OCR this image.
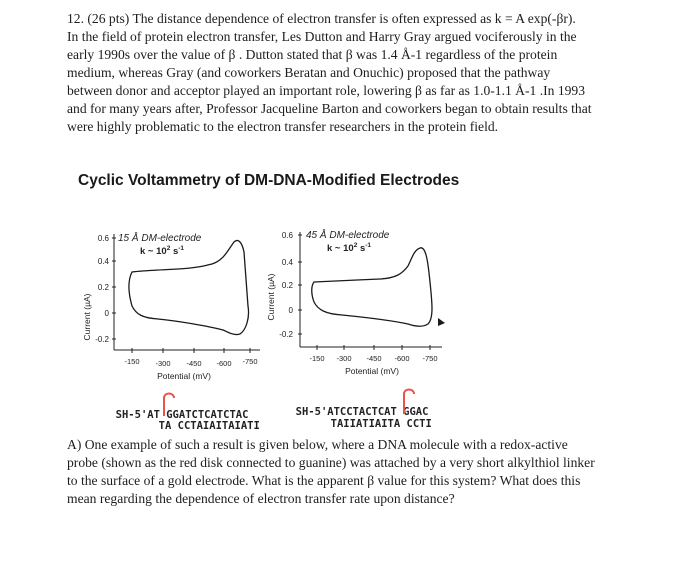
12. (26 pts) The distance dependence of electron transfer is often expressed as k = A exp(-βr).
In the field of protein electron transfer, Les Dutton and Harry Gray argued vociferously in the
early 1990s over the value of β . Dutton stated that β was 1.4 Å-1 regardless of the protein
medium, whereas Gray (and coworkers Beratan and Onuchic) proposed that the pathway
between donor and acceptor played an important role, lowering β as far as 1.0-1.1 Å-1 .In 1993
and for many years after, Professor Jacqueline Barton and coworkers began to obtain results that
were highly problematic to the electron transfer researchers in the protein field.
Cyclic Voltammetry of DM-DNA-Modified Electrodes
Current (µA)
0.6
0.4
0.2
0
-0.2
-150 -300 -450 -600 -750
Potential (mV)
15 Å DM-electrode
k ~ $10^2$ $s^{-1}$
Current (µA)
0.6
0.4
0.2
0
-0.2
-150 -300 -450 -600 -750
Potential (mV)
45 Å DM-electrode
k ~ $10^2$ $s^{-1}$

SH-5'AT GGATCTCATCTAC

TA CCTAIAITAIATI

SH-5'ATCCTACTCAT GGAC

TAIIATIAITA CCTI

A) One example of such a result is given below, where a DNA molecule with a redox-active
probe (shown as the red disk connected to guanine) was attached by a very short alkylthiol linker
to the surface of a gold electrode. What is the apparent β value for this system? What does this
mean regarding the dependence of electron transfer rate upon distance?
